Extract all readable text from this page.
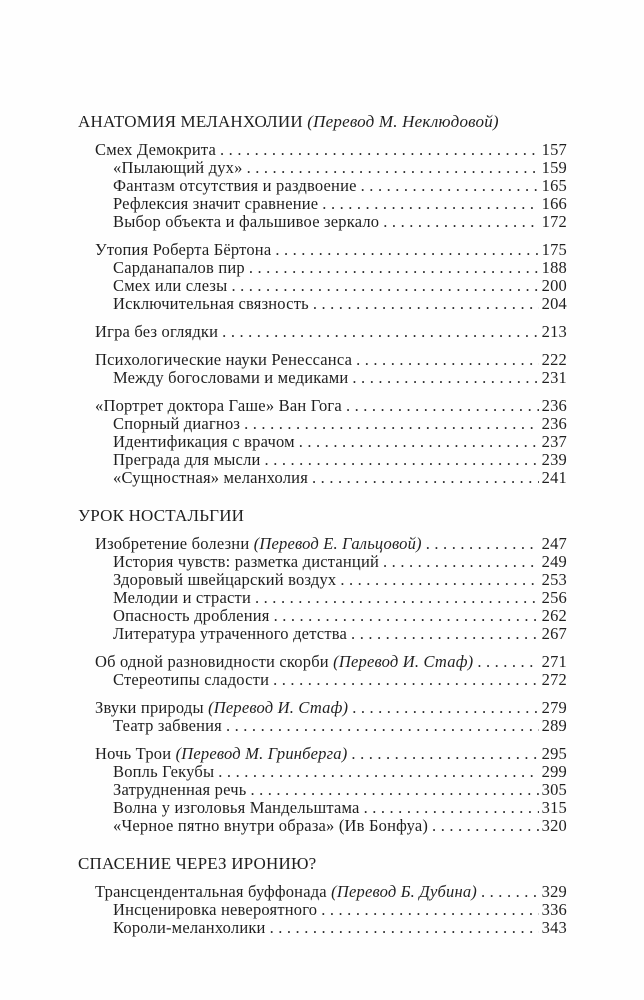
АНАТОМИЯ МЕЛАНХОЛИИ (Перевод М. Неклюдовой)
Смех Демокрита . . .	157
«Пылающий дух» . . .	159
Фантазм отсутствия и раздвоение . . .	165
Рефлексия значит сравнение . . .	166
Выбор объекта и фальшивое зеркало . . .	172
Утопия Роберта Бёртона . . .	175
Сарданапалов пир . . .	188
Смех или слезы . . .	200
Исключительная связность . . .	204
Игра без оглядки . . .	213
Психологические науки Ренессанса . . .	222
Между богословами и медиками . . .	231
«Портрет доктора Гаше» Ван Гога . . .	236
Спорный диагноз . . .	236
Идентификация с врачом . . .	237
Преграда для мысли . . .	239
«Сущностная» меланхолия . . .	241
УРОК НОСТАЛЬГИИ
Изобретение болезни (Перевод Е. Гальцовой) . . .	247
История чувств: разметка дистанций . . .	249
Здоровый швейцарский воздух . . .	253
Мелодии и страсти . . .	256
Опасность дробления . . .	262
Литература утраченного детства . . .	267
Об одной разновидности скорби (Перевод И. Стаф) . . .	271
Стереотипы сладости . . .	272
Звуки природы (Перевод И. Стаф) . . .	279
Театр забвения . . .	289
Ночь Трои (Перевод М. Гринберга) . . .	295
Вопль Гекубы . . .	299
Затрудненная речь . . .	305
Волна у изголовья Мандельштама . . .	315
«Черное пятно внутри образа» (Ив Бонфуа) . . .	320
СПАСЕНИЕ ЧЕРЕЗ ИРОНИЮ?
Трансцендентальная буффонада (Перевод Б. Дубина) . . .	329
Инсценировка невероятного . . .	336
Короли-меланхолики . . .	343
